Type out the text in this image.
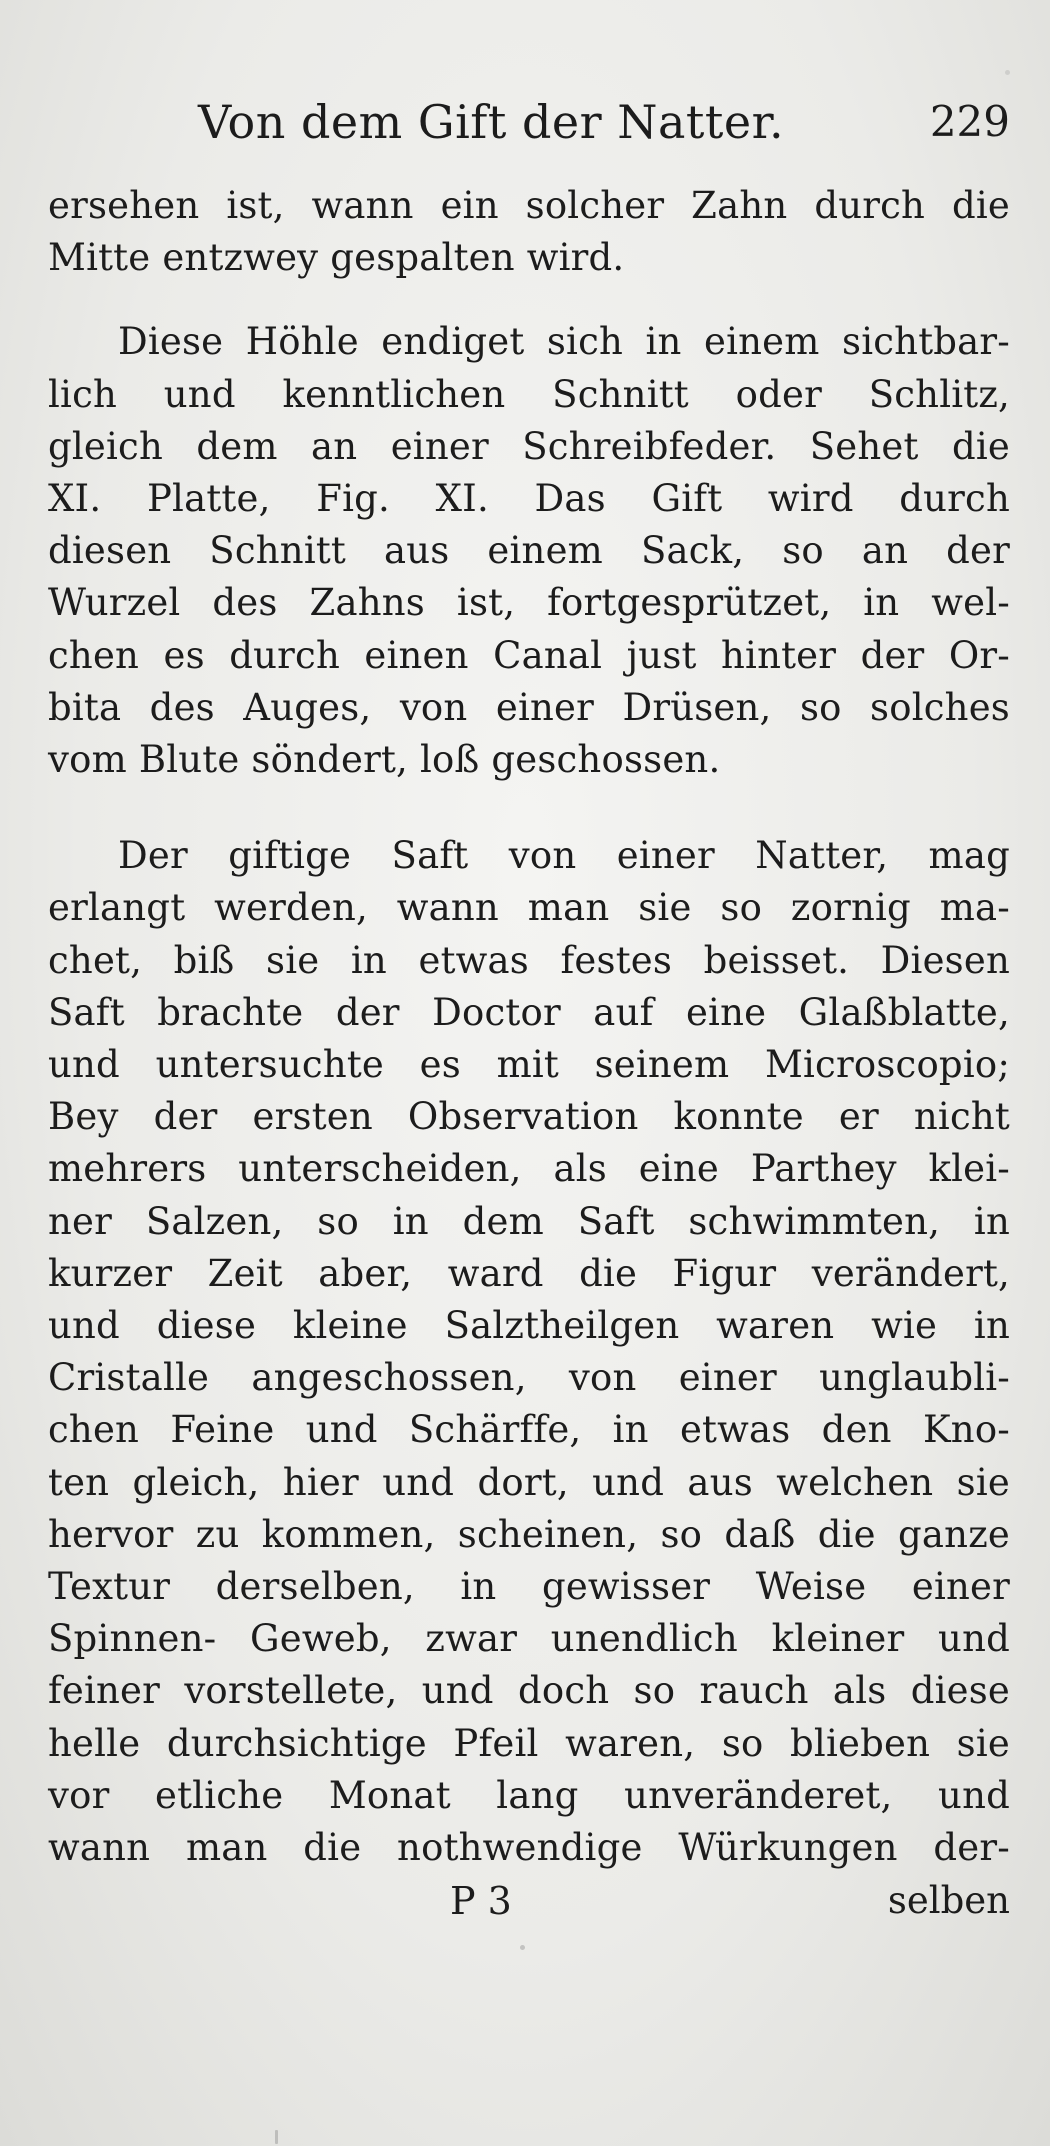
Von dem Gift der Natter.	229
ersehen ist, wann ein solcher Zahn durch die
Mitte entzwey gespalten wird.
Diese Höhle endiget sich in einem sichtbar-
lich und kenntlichen Schnitt oder Schlitz,
gleich dem an einer Schreibfeder. Sehet die
XI. Platte, Fig. XI. Das Gift wird durch
diesen Schnitt aus einem Sack, so an der
Wurzel des Zahns ist, fortgesprützet, in wel-
chen es durch einen Canal just hinter der Or-
bita des Auges, von einer Drüsen, so solches
vom Blute söndert, loß geschossen.
Der giftige Saft von einer Natter, mag
erlangt werden, wann man sie so zornig ma-
chet, biß sie in etwas festes beisset. Diesen
Saft brachte der Doctor auf eine Glaßblatte,
und untersuchte es mit seinem Microscopio;
Bey der ersten Observation konnte er nicht
mehrers unterscheiden, als eine Parthey klei-
ner Salzen, so in dem Saft schwimmten, in
kurzer Zeit aber, ward die Figur verändert,
und diese kleine Salztheilgen waren wie in
Cristalle angeschossen, von einer unglaubli-
chen Feine und Schärffe, in etwas den Kno-
ten gleich, hier und dort, und aus welchen sie
hervor zu kommen, scheinen, so daß die ganze
Textur derselben, in gewisser Weise einer
Spinnen- Geweb, zwar unendlich kleiner und
feiner vorstellete, und doch so rauch als diese
helle durchsichtige Pfeil waren, so blieben sie
vor etliche Monat lang unveränderet, und
wann man die nothwendige Würkungen der-
P 3	selben
